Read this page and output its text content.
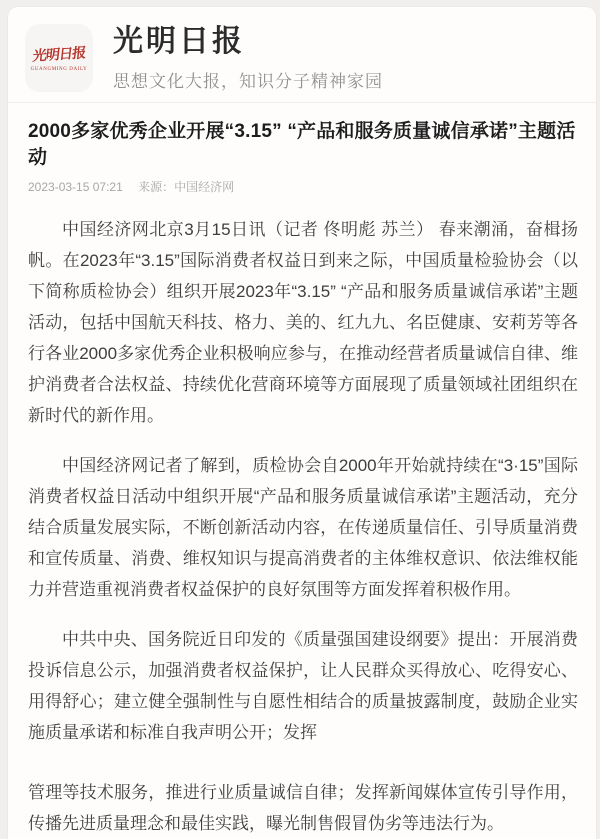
光明日报
GUANGMING DAILY
光明日报
思想文化大报，知识分子精神家园
2000多家优秀企业开展“3.15” “产品和服务质量诚信承诺”主题活动
2023-03-15 07:21 来源：中国经济网

中国经济网北京3月15日讯（记者 佟明彪 苏兰） 春来潮涌，奋楫扬帆。在2023年“3.15”国际消费者权益日到来之际，中国质量检验协会（以下简称质检协会）组织开展2023年“3.15” “产品和服务质量诚信承诺”主题活动，包括中国航天科技、格力、美的、红九九、名臣健康、安莉芳等各行各业2000多家优秀企业积极响应参与，在推动经营者质量诚信自律、维护消费者合法权益、持续优化营商环境等方面展现了质量领域社团组织在新时代的新作用。

中国经济网记者了解到，质检协会自2000年开始就持续在“3·15”国际消费者权益日活动中组织开展“产品和服务质量诚信承诺”主题活动，充分结合质量发展实际，不断创新活动内容，在传递质量信任、引导质量消费和宣传质量、消费、维权知识与提高消费者的主体维权意识、依法维权能力并营造重视消费者权益保护的良好氛围等方面发挥着积极作用。

中共中央、国务院近日印发的《质量强国建设纲要》提出：开展消费投诉信息公示，加强消费者权益保护，让人民群众买得放心、吃得安心、用得舒心；建立健全强制性与自愿性相结合的质量披露制度，鼓励企业实施质量承诺和标准自我声明公开；发挥

管理等技术服务，推进行业质量诚信自律；发挥新闻媒体宣传引导作用，传播先进质量理念和最佳实践，曝光制售假冒伪劣等违法行为。
